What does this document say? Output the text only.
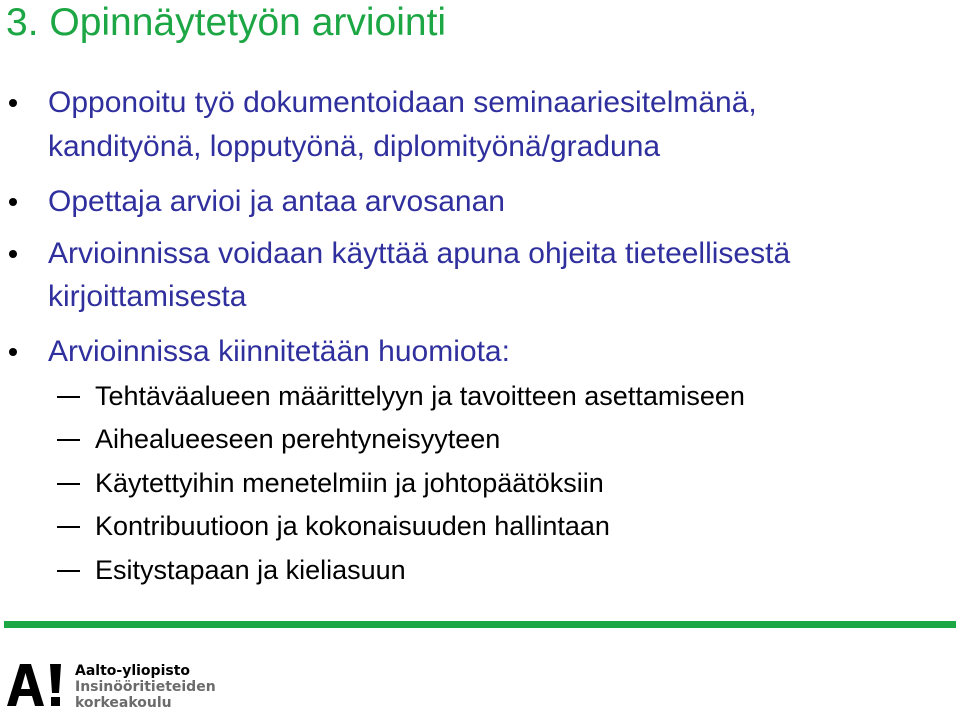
3. Opinnäytetyön arviointi

Opponoitu työ dokumentoidaan seminaariesitelmänä,

kandityönä, lopputyönä, diplomityönä/graduna

Opettaja arvioi ja antaa arvosanan

Arvioinnissa voidaan käyttää apuna ohjeita tieteellisestä

kirjoittamisesta

Arvioinnissa kiinnitetään huomiota:

Tehtäväalueen määrittelyyn ja tavoitteen asettamiseen

Aihealueeseen perehtyneisyyteen

Käytettyihin menetelmiin ja johtopäätöksiin

Kontribuutioon ja kokonaisuuden hallintaan

Esitystapaan ja kieliasuun

A!
Aalto-yliopisto
Insinööritieteiden
korkeakoulu
